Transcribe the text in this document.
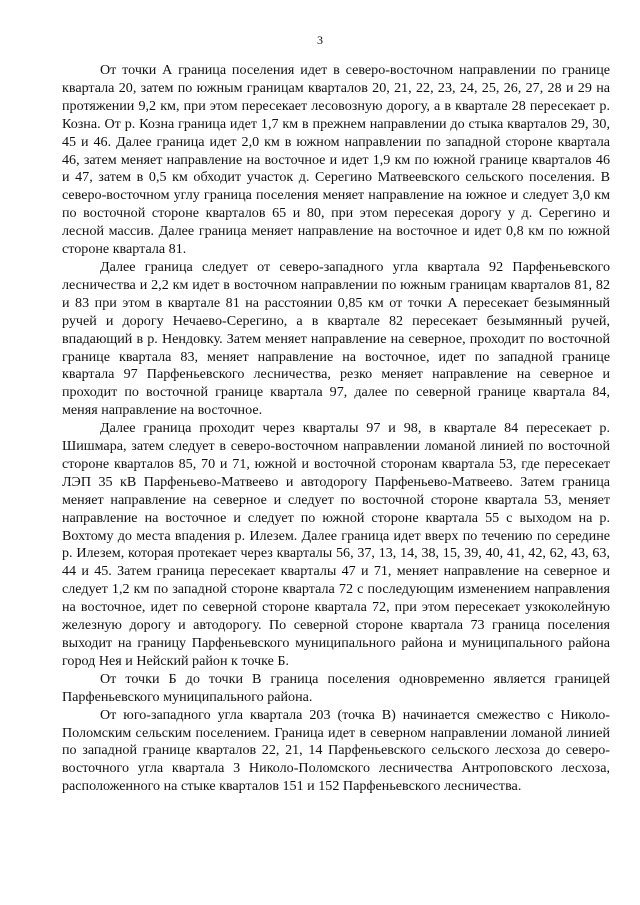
3

От точки А граница поселения идет в северо-восточном направлении по границе квартала 20, затем по южным границам кварталов 20, 21, 22, 23, 24, 25, 26, 27, 28 и 29 на протяжении 9,2 км, при этом пересекает лесовозную дорогу, а в квартале 28 пересекает р. Козна. От р. Козна граница идет 1,7 км в прежнем направлении до стыка кварталов 29, 30, 45 и 46. Далее граница идет 2,0 км в южном направлении по западной стороне квартала 46, затем меняет направление на восточное и идет 1,9 км по южной границе кварталов 46 и 47, затем в 0,5 км обходит участок д. Серегино Матвеевского сельского поселения. В северо-восточном углу граница поселения меняет направление на южное и следует 3,0 км по восточной стороне кварталов 65 и 80, при этом пересекая дорогу у д. Серегино и лесной массив. Далее граница меняет направление на восточное и идет 0,8 км по южной стороне квартала 81.

Далее граница следует от северо-западного угла квартала 92 Парфеньевского лесничества и 2,2 км идет в восточном направлении по южным границам кварталов 81, 82 и 83 при этом в квартале 81 на расстоянии 0,85 км от точки А пересекает безымянный ручей и дорогу Нечаево-Серегино, а в квартале 82 пересекает безымянный ручей, впадающий в р. Нендовку. Затем меняет направление на северное, проходит по восточной границе квартала 83, меняет направление на восточное, идет по западной границе квартала 97 Парфеньевского лесничества, резко меняет направление на северное и проходит по восточной границе квартала 97, далее по северной границе квартала 84, меняя направление на восточное.

Далее граница проходит через кварталы 97 и 98, в квартале 84 пересекает р. Шишмара, затем следует в северо-восточном направлении ломаной линией по восточной стороне кварталов 85, 70 и 71, южной и восточной сторонам квартала 53, где пересекает ЛЭП 35 кВ Парфеньево-Матвеево и автодорогу Парфеньево-Матвеево. Затем граница меняет направление на северное и следует по восточной стороне квартала 53, меняет направление на восточное и следует по южной стороне квартала 55 с выходом на р. Вохтому до места впадения р. Илезем. Далее граница идет вверх по течению по середине р. Илезем, которая протекает через кварталы 56, 37, 13, 14, 38, 15, 39, 40, 41, 42, 62, 43, 63, 44 и 45. Затем граница пересекает кварталы 47 и 71, меняет направление на северное и следует 1,2 км по западной стороне квартала 72 с последующим изменением направления на восточное, идет по северной стороне квартала 72, при этом пересекает узкоколейную железную дорогу и автодорогу. По северной стороне квартала 73 граница поселения выходит на границу Парфеньевского муниципального района и муниципального района город Нея и Нейский район к точке Б.

От точки Б до точки В граница поселения одновременно является границей Парфеньевского муниципального района.

От юго-западного угла квартала 203 (точка В) начинается смежество с Николо-Поломским сельским поселением. Граница идет в северном направлении ломаной линией по западной границе кварталов 22, 21, 14 Парфеньевского сельского лесхоза до северо-восточного угла квартала 3 Николо-Поломского лесничества Антроповского лесхоза, расположенного на стыке кварталов 151 и 152 Парфеньевского лесничества.
